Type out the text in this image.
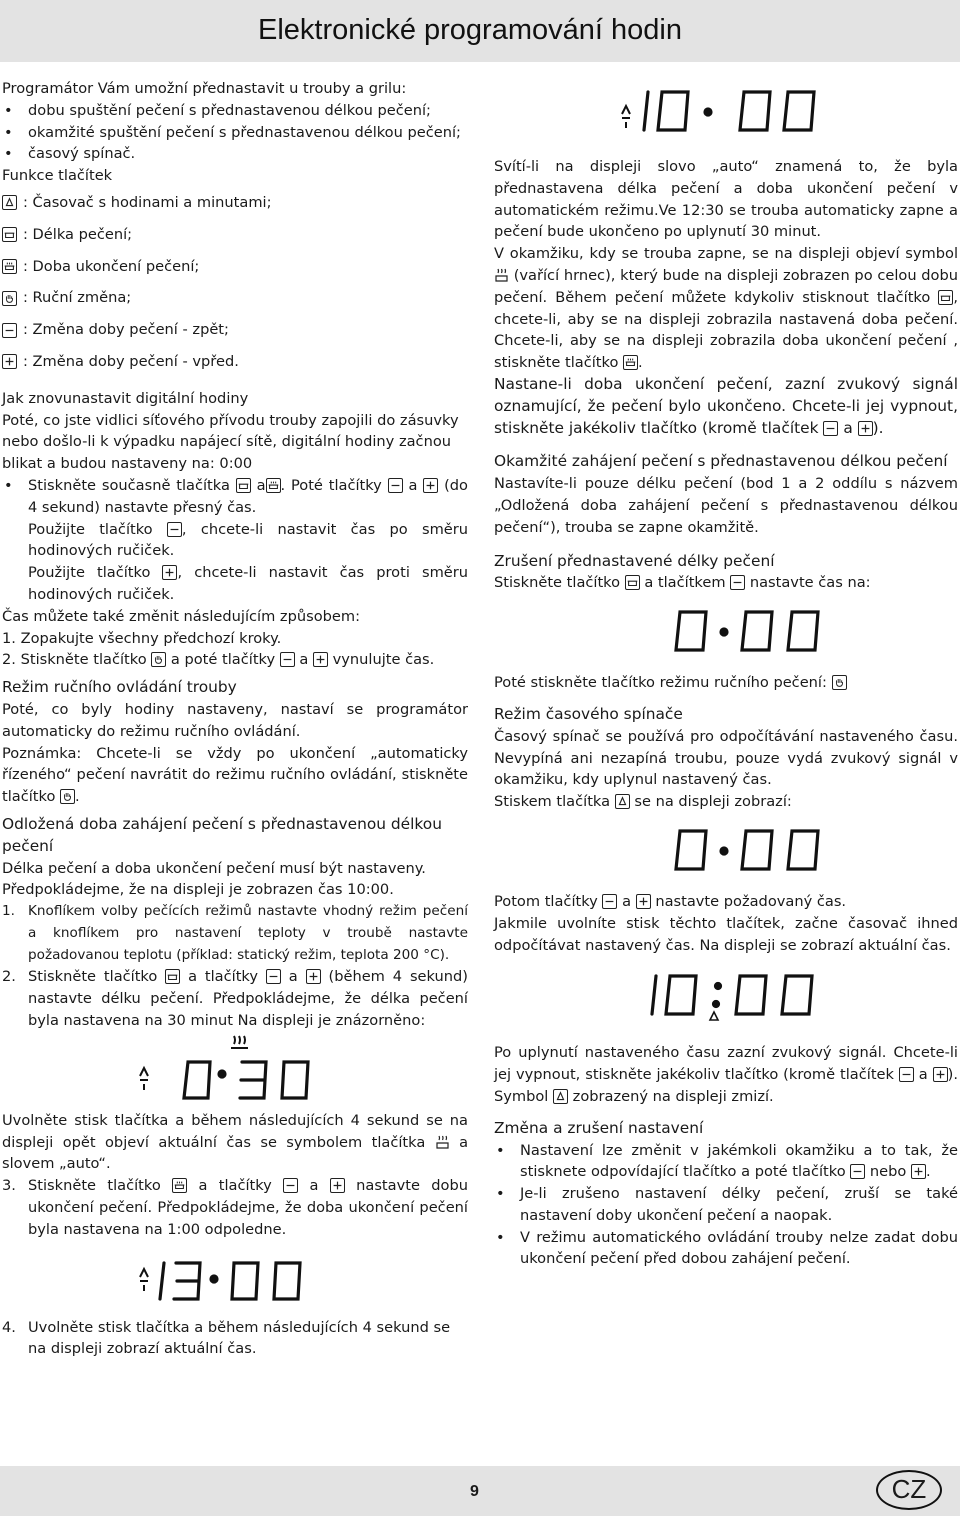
Elektronické programování hodin

Programátor Vám umožní přednastavit u trouby a grilu:

• dobu spuštění pečení s přednastavenou délkou pečení;

• okamžité spuštění pečení s přednastavenou délkou pečení;

• časový spínač.

Funkce tlačítek

: Časovač s hodinami a minutami;
: Délka pečení;
: Doba ukončení pečení;
: Ruční změna;
: Změna doby pečení - zpět;
: Změna doby pečení - vpřed.

Jak znovunastavit digitální hodiny

Poté, co jste vidlici síťového přívodu trouby zapojili do zásuvky nebo došlo-li k výpadku napájecí sítě, digitální hodiny začnou blikat a budou nastaveny na: 0:00

• Stiskněte současně tlačítka a . Poté tlačítky a (do 4 sekund) nastavte přesný čas.

Použijte tlačítko , chcete-li nastavit čas po směru hodinových ručiček.

Použijte tlačítko , chcete-li nastavit čas proti směru hodinových ručiček.

Čas můžete také změnit následujícím způsobem:

1. Zopakujte všechny předchozí kroky.

2. Stiskněte tlačítko a poté tlačítky a vynulujte čas.

Režim ručního ovládání trouby

Poté, co byly hodiny nastaveny, nastaví se programátor automaticky do režimu ručního ovládání.

Poznámka: Chcete-li se vždy po ukončení „automaticky řízeného“ pečení navrátit do režimu ručního ovládání, stiskněte tlačítko .

Odložená doba zahájení pečení s přednastavenou délkou pečení

Délka pečení a doba ukončení pečení musí být nastaveny.

Předpokládejme, že na displeji je zobrazen čas 10:00.

1. Knoflíkem volby pečících režimů nastavte vhodný režim pečení a knoflíkem pro nastavení teploty v troubě nastavte požadovanou teplotu (příklad: statický režim, teplota 200 °C).

2. Stiskněte tlačítko a tlačítky a (během 4 sekund) nastavte délku pečení. Předpokládejme, že délka pečení byla nastavena na 30 minut Na displeji je znázorněno:

Uvolněte stisk tlačítka a během následujících 4 sekund se na displeji opět objeví aktuální čas se symbolem tlačítka a slovem „auto“.

3. Stiskněte tlačítko	a tlačítky	a	nastavte dobu ukončení pečení. Předpokládejme, že doba ukončení pečení byla nastavena na 1:00 odpoledne.

4. Uvolněte stisk tlačítka a během následujících 4 sekund se na displeji zobrazí aktuální čas.

Svítí-li na displeji slovo „auto“ znamená to, že byla přednastavena délka pečení a doba ukončení pečení v automatickém režimu.Ve 12:30 se trouba automaticky zapne a pečení bude ukončeno po uplynutí 30 minut.

V okamžiku, kdy se trouba zapne, se na displeji objeví symbol
(vařící hrnec), který bude na displeji zobrazen po celou dobu pečení. Během pečení můžete kdykoliv stisknout tlačítko , chcete-li, aby se na displeji zobrazila nastavená doba pečení. Chcete-li, aby se na displeji zobrazila doba ukončení pečení , stiskněte tlačítko .

Nastane-li doba ukončení pečení, zazní zvukový signál oznamující, že pečení bylo ukončeno. Chcete-li jej vypnout, stiskněte jakékoliv tlačítko (kromě tlačítek a ).

Okamžité zahájení pečení s přednastavenou délkou pečení

Nastavíte-li pouze délku pečení (bod 1 a 2 oddílu s názvem „Odložená doba zahájení pečení s přednastavenou délkou pečení“), trouba se zapne okamžitě.

Zrušení přednastavené délky pečení

Stiskněte tlačítko a tlačítkem nastavte čas na:

Poté stiskněte tlačítko režimu ručního pečení:

Režim časového spínače

Časový spínač se používá pro odpočítávání nastaveného času. Nevypíná ani nezapíná troubu, pouze vydá zvukový signál v okamžiku, kdy uplynul nastavený čas.

Stiskem tlačítka se na displeji zobrazí:

Potom tlačítky a nastavte požadovaný čas.

Jakmile uvolníte stisk těchto tlačítek, začne časovač ihned odpočítávat nastavený čas. Na displeji se zobrazí aktuální čas.

Po uplynutí nastaveného času zazní zvukový signál. Chcete-li jej vypnout, stiskněte jakékoliv tlačítko (kromě tlačítek a ). Symbol zobrazený na displeji zmizí.

Změna a zrušení nastavení

• Nastavení lze změnit v jakémkoli okamžiku a to tak, že stisknete odpovídající tlačítko a poté tlačítko nebo .

• Je-li zrušeno nastavení délky pečení, zruší se také nastavení doby ukončení pečení a naopak.

• V režimu automatického ovládání trouby nelze zadat dobu ukončení pečení před dobou zahájení pečení.

9	CZ
